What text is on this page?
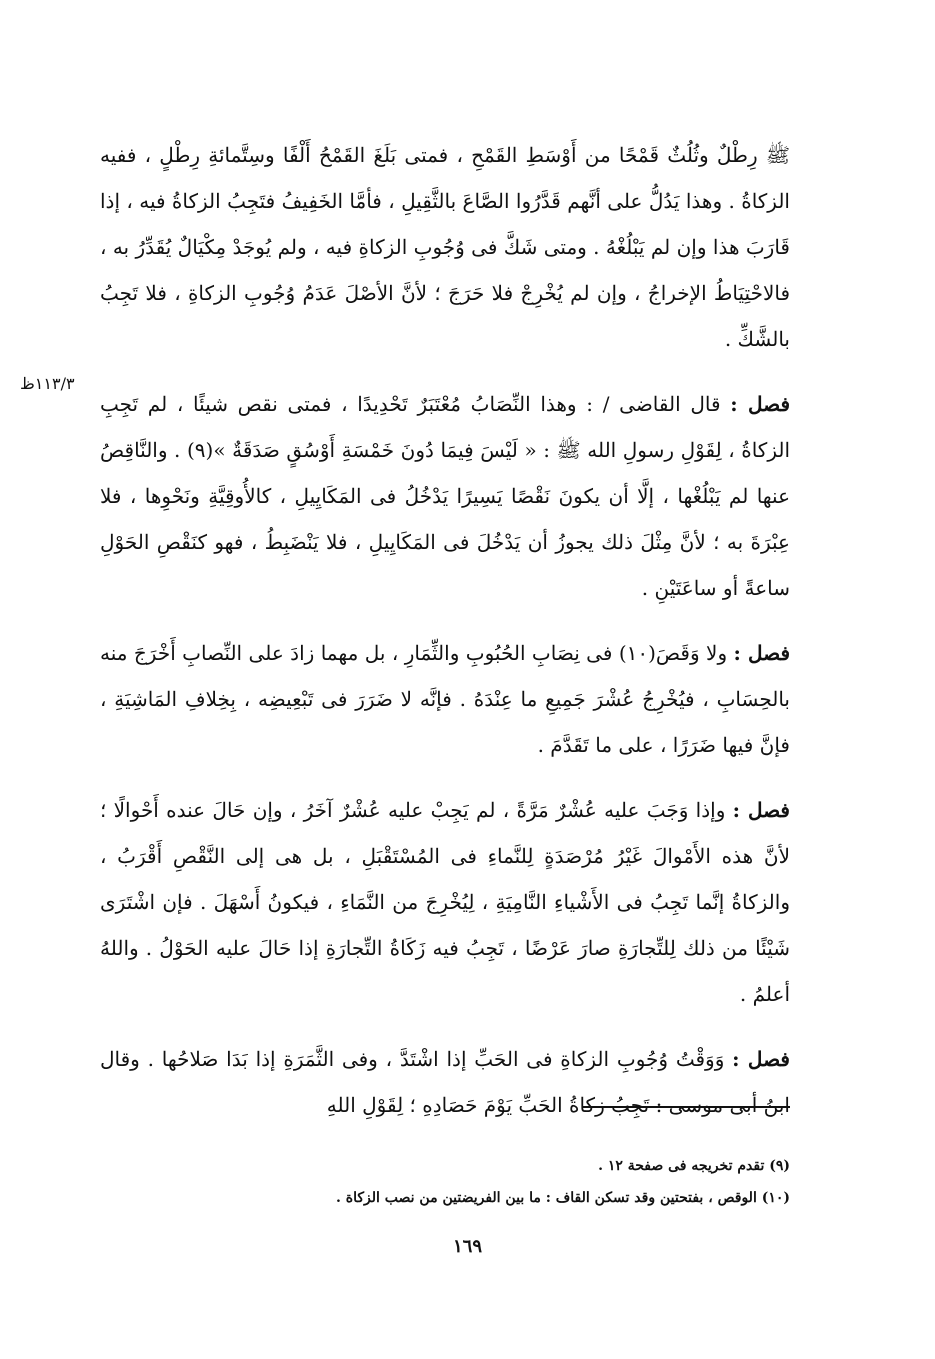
ﷺ رِطْلٌ وثُلُثٌ قَمْحًا من أَوْسَطِ القَمْحِ ، فمتى بَلَغَ القَمْحُ أَلْفًا وسِتَّمائةِ رِطْلٍ ، ففيه الزكاةُ . وهذا يَدُلُّ على أنَّهم قَدَّرُوا الصَّاعَ بالثَّقِيلِ ، فأمَّا الخَفِيفُ فتَجِبُ الزكاةُ فيه ، إذا قَارَبَ هذا وإن لم يَبْلُغْهُ . ومتى شَكَّ فى وُجُوبِ الزكاةِ فيه ، ولم يُوجَدْ مِكْيَالٌ يُقَدِّرُ به ، فالاحْتِيَاطُ الإخراجُ ، وإن لم يُخْرِجْ فلا حَرَجَ ؛ لأنَّ الأصْلَ عَدَمُ وُجُوبِ الزكاةِ ، فلا تَجِبُ بالشَّكِّ .

فصل : قال القاضى / : وهذا النِّصَابُ مُعْتَبَرٌ تَحْدِيدًا ، فمتى نقص شيئًا ، لم تَجِبِ الزكاةُ ، لِقَوْلِ رسولِ الله ﷺ : « لَيْسَ فِيمَا دُونَ خَمْسَةِ أَوْسُقٍ صَدَقَةٌ »(٩) . والنَّاقِصُ عنها لم يَبْلُغْها ، إلَّا أن يكونَ نَقْصًا يَسِيرًا يَدْخُلُ فى المَكَايِيلِ ، كالأُوقِيَّةِ ونَحْوِها ، فلا عِبْرَةَ به ؛ لأنَّ مِثْلَ ذلك يجوزُ أن يَدْخُلَ فى المَكَايِيلِ ، فلا يَنْضَبِطُ ، فهو كنَقْصِ الحَوْلِ ساعةً أو ساعَتَيْنِ .

فصل : ولا وَقَصَ(١٠) فى نِصَابِ الحُبُوبِ والثِّمَارِ ، بل مهما زادَ على النِّصابِ أَخْرَجَ منه بالحِسَابِ ، فيُخْرِجُ عُشْرَ جَمِيعِ ما عِنْدَهُ . فإنَّه لا ضَرَرَ فى تَبْعِيضِه ، بِخِلافِ المَاشِيَةِ ، فإنَّ فيها ضَرَرًا ، على ما تَقَدَّمَ .

فصل : وإذا وَجَبَ عليه عُشْرٌ مَرَّةً ، لم يَجِبْ عليه عُشْرٌ آخَرُ ، وإن حَالَ عنده أَحْوالًا ؛ لأنَّ هذه الأَمْوالَ غَيْرُ مُرْصَدَةٍ لِلنَّماءِ فى المُسْتَقْبَلِ ، بل هى إلى النَّقْصِ أَقْرَبُ ، والزكاةُ إنَّما تَجِبُ فى الأَشْياءِ النَّامِيَةِ ، لِيُخْرِجَ من النَّمَاءِ ، فيكونُ أَسْهَلَ . فإن اشْتَرَى شَيْئًا من ذلك لِلتِّجارَةِ صارَ عَرْضًا ، تَجِبُ فيه زَكَاةُ التِّجارَةِ إذا حَالَ عليه الحَوْلُ . واللهُ أعلمُ .

فصل : وَوَقْتُ وُجُوبِ الزكاةِ فى الحَبِّ إذا اشْتَدَّ ، وفى الثَّمَرَةِ إذا بَدَا صَلاحُها . وقال ابنُ أبى موسى : تَجِبُ زكاةُ الحَبِّ يَوْمَ حَصَادِهِ ؛ لِقَوْلِ اللهِ

١١٣/٣ظ

(٩) تقدم تخريجه فى صفحة ١٢ .

(١٠) الوقص ، بفتحتين وقد تسكن القاف : ما بين الفريضتين من نصب الزكاة .

١٦٩
